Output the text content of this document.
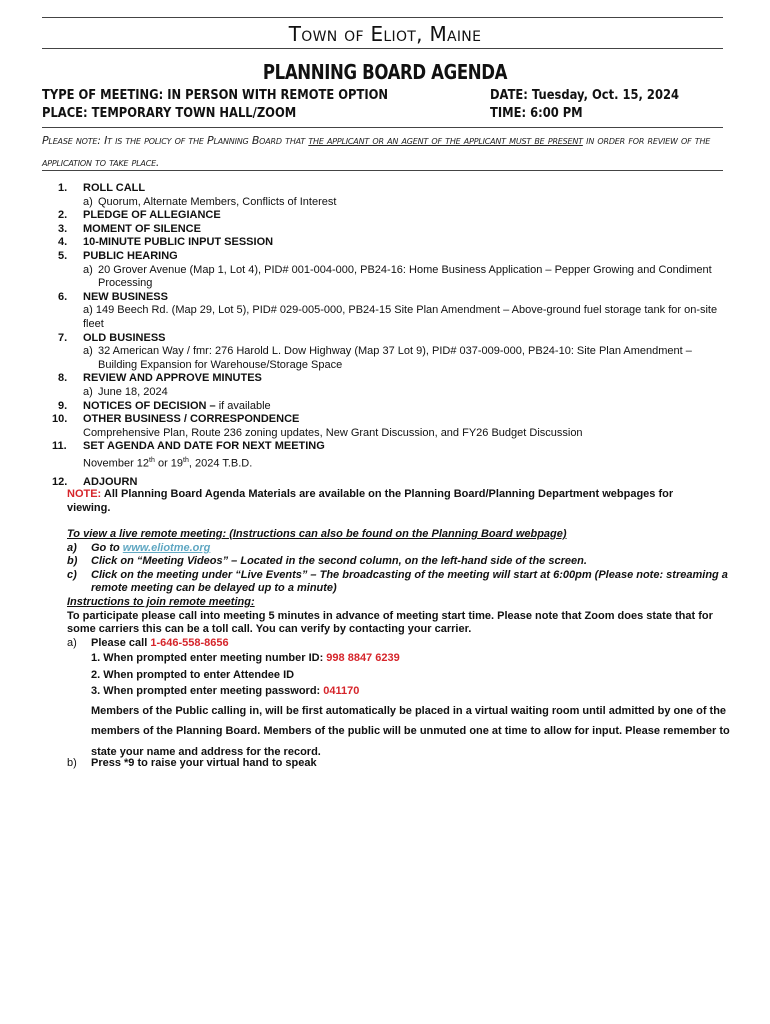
Town of Eliot, Maine
PLANNING BOARD AGENDA
TYPE OF MEETING: IN PERSON WITH REMOTE OPTION
PLACE: TEMPORARY TOWN HALL/ZOOM
DATE: Tuesday, Oct. 15, 2024
TIME: 6:00 PM
Please note: It is the policy of the Planning Board that the applicant or an agent of the applicant must be present in order for review of the application to take place.
1. ROLL CALL
a) Quorum, Alternate Members, Conflicts of Interest
2. PLEDGE OF ALLEGIANCE
3. MOMENT OF SILENCE
4. 10-MINUTE PUBLIC INPUT SESSION
5. PUBLIC HEARING
a) 20 Grover Avenue (Map 1, Lot 4), PID# 001-004-000, PB24-16: Home Business Application – Pepper Growing and Condiment Processing
6. NEW BUSINESS
a) 149 Beech Rd. (Map 29, Lot 5), PID# 029-005-000, PB24-15 Site Plan Amendment – Above-ground fuel storage tank for on-site fleet
7. OLD BUSINESS
a) 32 American Way / fmr: 276 Harold L. Dow Highway (Map 37 Lot 9), PID# 037-009-000, PB24-10: Site Plan Amendment – Building Expansion for Warehouse/Storage Space
8. REVIEW AND APPROVE MINUTES
a) June 18, 2024
9. NOTICES OF DECISION – if available
10. OTHER BUSINESS / CORRESPONDENCE
Comprehensive Plan, Route 236 zoning updates, New Grant Discussion, and FY26 Budget Discussion
11. SET AGENDA AND DATE FOR NEXT MEETING
November 12th or 19th, 2024 T.B.D.
12. ADJOURN
NOTE: All Planning Board Agenda Materials are available on the Planning Board/Planning Department webpages for viewing.
To view a live remote meeting: (Instructions can also be found on the Planning Board webpage)
a) Go to www.eliotme.org
b) Click on “Meeting Videos” – Located in the second column, on the left-hand side of the screen.
c) Click on the meeting under “Live Events” – The broadcasting of the meeting will start at 6:00pm (Please note: streaming a remote meeting can be delayed up to a minute)
Instructions to join remote meeting:
To participate please call into meeting 5 minutes in advance of meeting start time. Please note that Zoom does state that for some carriers this can be a toll call. You can verify by contacting your carrier.
a) Please call 1-646-558-8656
1. When prompted enter meeting number ID: 998 8847 6239
2. When prompted to enter Attendee ID
3. When prompted enter meeting password: 041170
Members of the Public calling in, will be first automatically be placed in a virtual waiting room until admitted by one of the members of the Planning Board. Members of the public will be unmuted one at time to allow for input. Please remember to state your name and address for the record.
b) Press *9 to raise your virtual hand to speak
